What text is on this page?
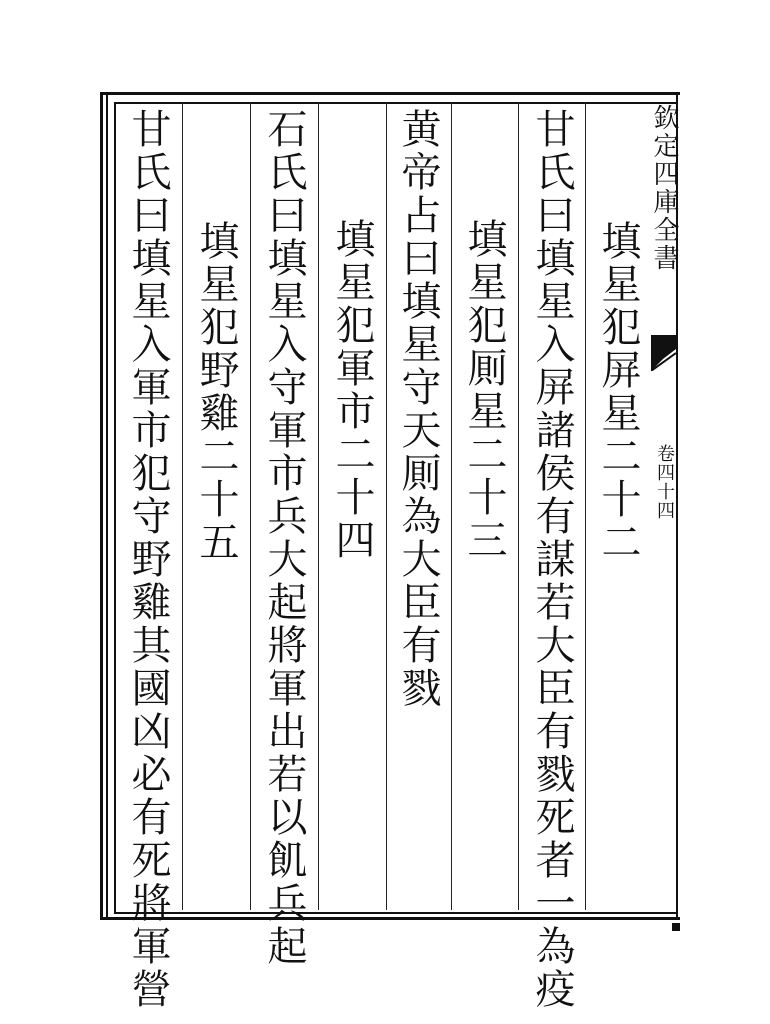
欽定四庫全書
卷四十四
填星犯屏星二十二
甘氏曰填星入屏諸侯有謀若大臣有戮死者一為疫
填星犯厠星二十三
黄帝占曰填星守天厠為大臣有戮
填星犯軍市二十四
石氏曰填星入守軍市兵大起將軍出若以飢兵起
填星犯野雞二十五
甘氏曰填星入軍市犯守野雞其國凶必有死將軍營
